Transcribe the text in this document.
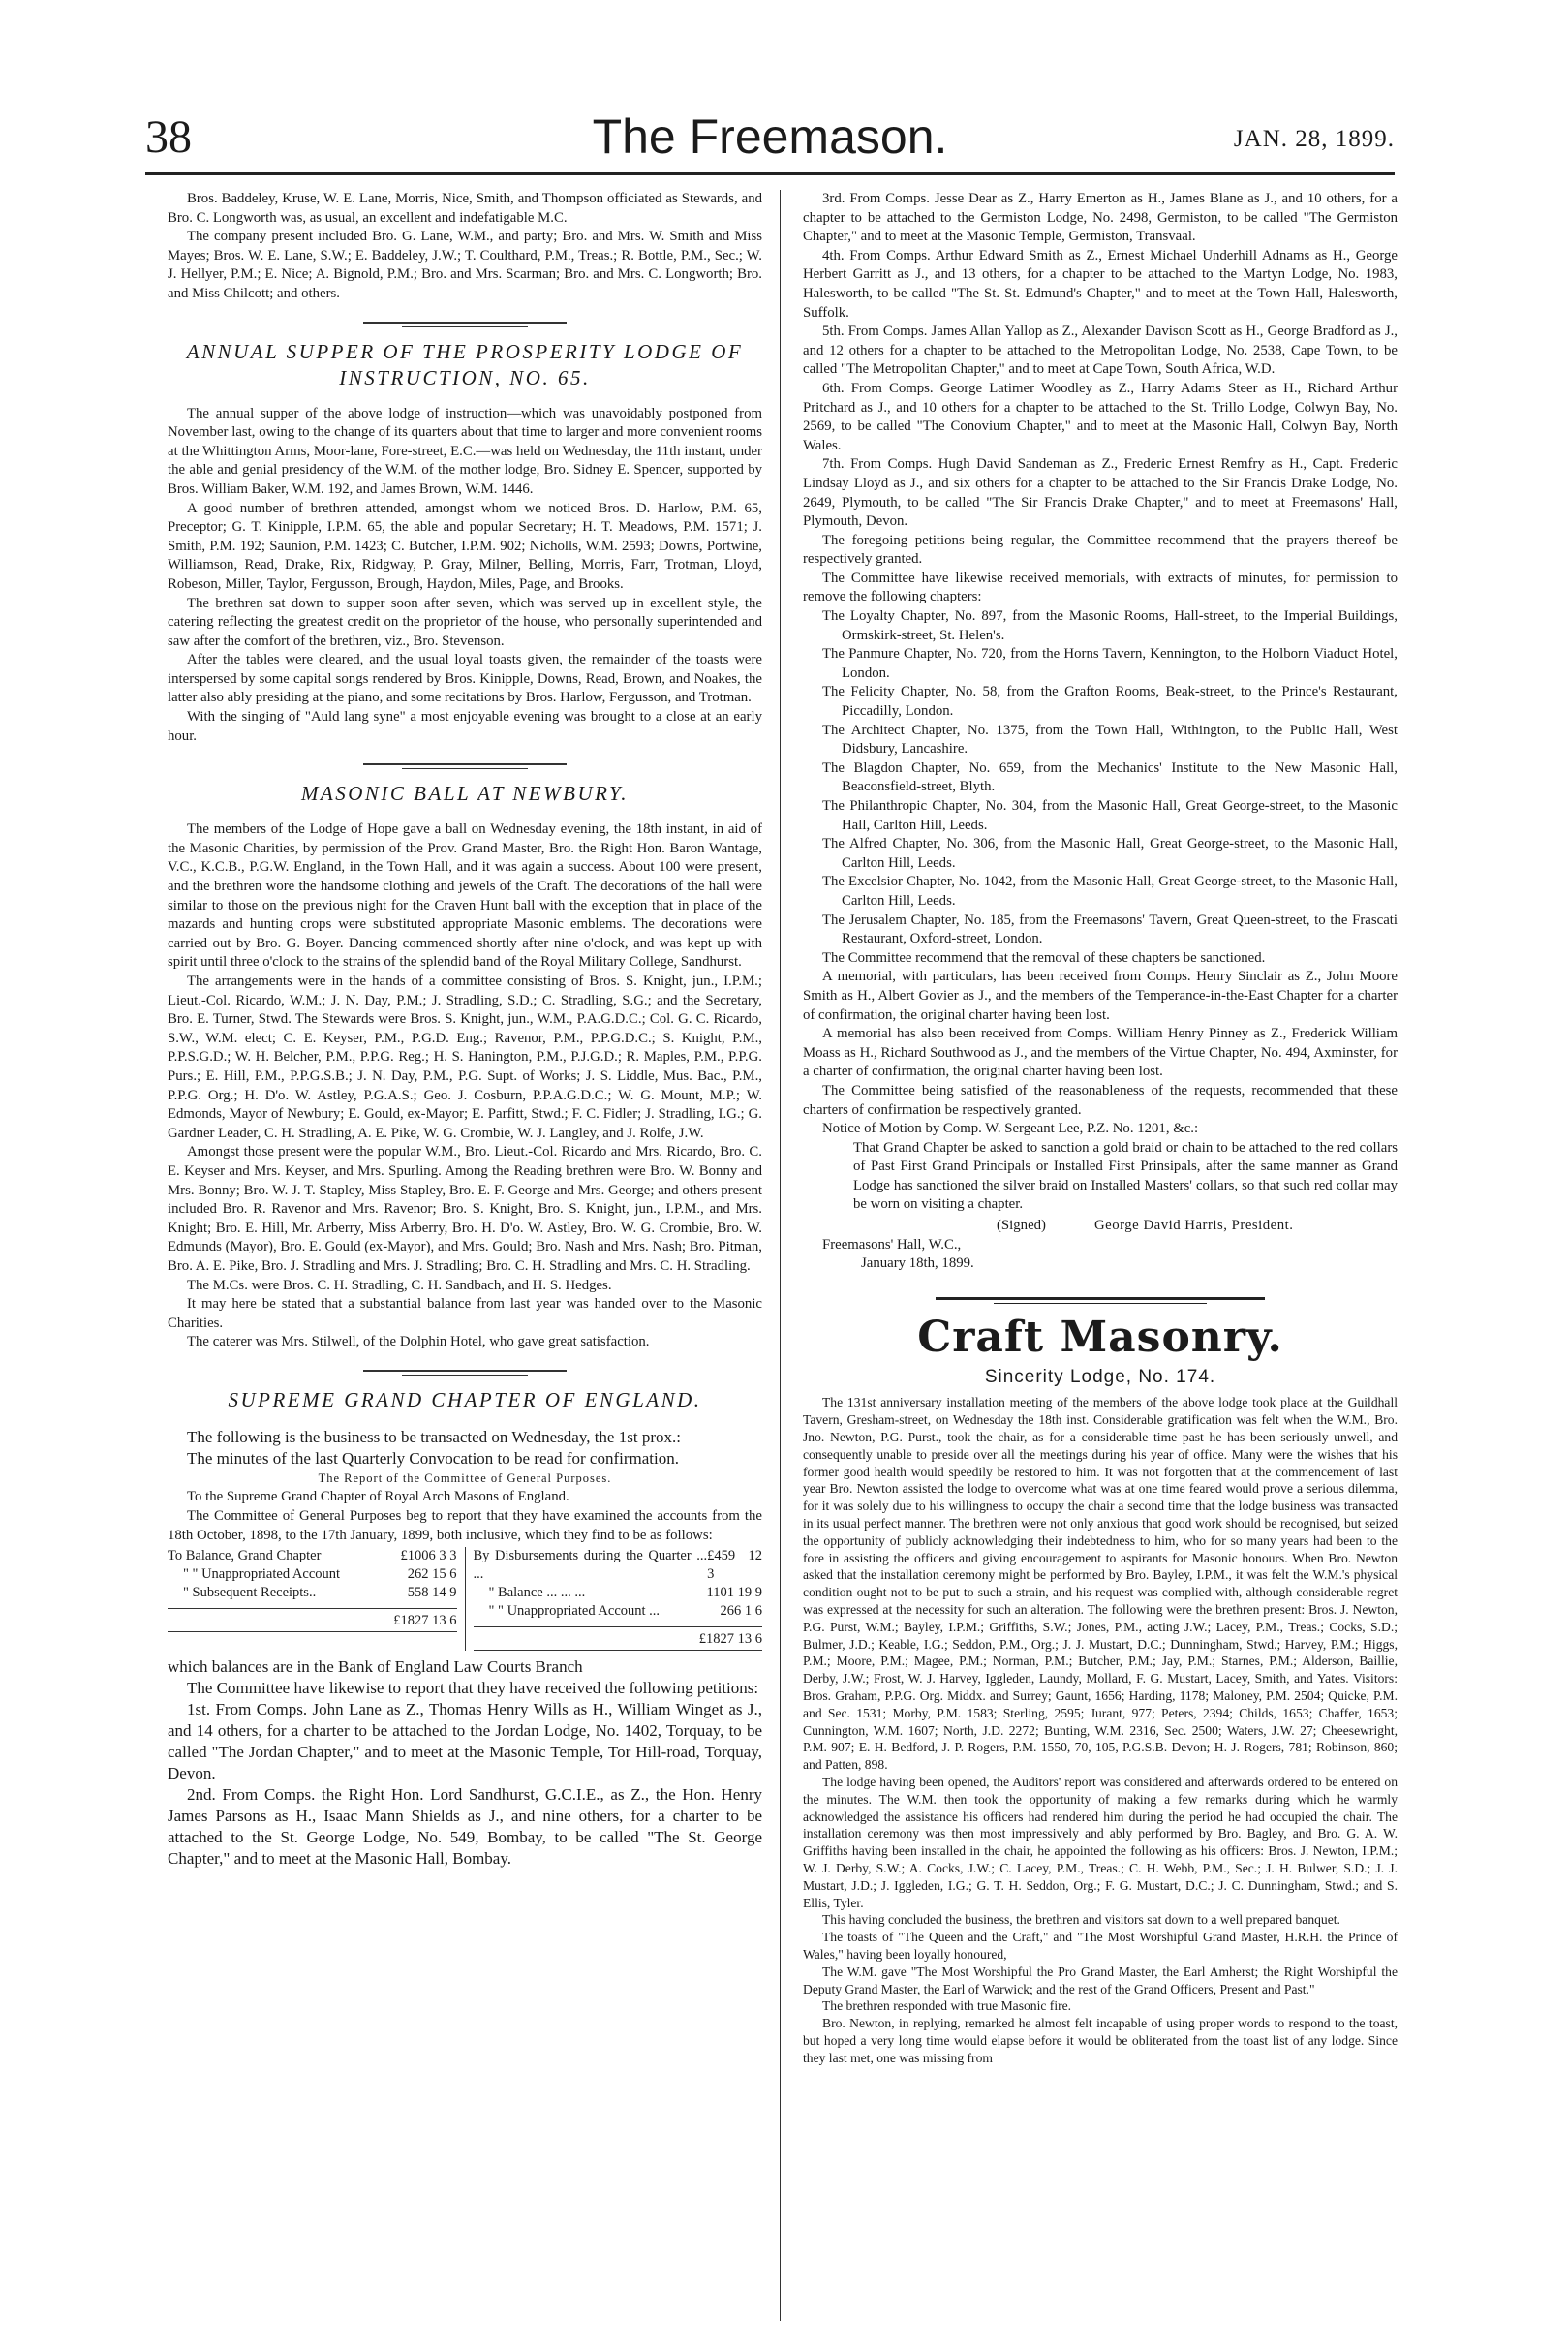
38	The Freemason.	JAN. 28, 1899.

Bros. Baddeley, Kruse, W. E. Lane, Morris, Nice, Smith, and Thompson officiated as Stewards, and Bro. C. Longworth was, as usual, an excellent and indefatigable M.C.

The company present included Bro. G. Lane, W.M., and party; Bro. and Mrs. W. Smith and Miss Mayes; Bros. W. E. Lane, S.W.; E. Baddeley, J.W.; T. Coulthard, P.M., Treas.; R. Bottle, P.M., Sec.; W. J. Hellyer, P.M.; E. Nice; A. Bignold, P.M.; Bro. and Mrs. Scarman; Bro. and Mrs. C. Longworth; Bro. and Miss Chilcott; and others.

ANNUAL SUPPER OF THE PROSPERITY LODGE OF INSTRUCTION, NO. 65.

The annual supper of the above lodge of instruction—which was unavoidably postponed from November last, owing to the change of its quarters about that time to larger and more convenient rooms at the Whittington Arms, Moor-lane, Fore-street, E.C.—was held on Wednesday, the 11th instant, under the able and genial presidency of the W.M. of the mother lodge, Bro. Sidney E. Spencer, supported by Bros. William Baker, W.M. 192, and James Brown, W.M. 1446.

A good number of brethren attended, amongst whom we noticed Bros. D. Harlow, P.M. 65, Preceptor; G. T. Kinipple, I.P.M. 65, the able and popular Secretary; H. T. Meadows, P.M. 1571; J. Smith, P.M. 192; Saunion, P.M. 1423; C. Butcher, I.P.M. 902; Nicholls, W.M. 2593; Downs, Portwine, Williamson, Read, Drake, Rix, Ridgway, P. Gray, Milner, Belling, Morris, Farr, Trotman, Lloyd, Robeson, Miller, Taylor, Fergusson, Brough, Haydon, Miles, Page, and Brooks.

The brethren sat down to supper soon after seven, which was served up in excellent style, the catering reflecting the greatest credit on the proprietor of the house, who personally superintended and saw after the comfort of the brethren, viz., Bro. Stevenson.

After the tables were cleared, and the usual loyal toasts given, the remainder of the toasts were interspersed by some capital songs rendered by Bros. Kinipple, Downs, Read, Brown, and Noakes, the latter also ably presiding at the piano, and some recitations by Bros. Harlow, Fergusson, and Trotman.

With the singing of "Auld lang syne" a most enjoyable evening was brought to a close at an early hour.

MASONIC BALL AT NEWBURY.

The members of the Lodge of Hope gave a ball on Wednesday evening, the 18th instant, in aid of the Masonic Charities, by permission of the Prov. Grand Master, Bro. the Right Hon. Baron Wantage, V.C., K.C.B., P.G.W. England, in the Town Hall, and it was again a success. About 100 were present, and the brethren wore the handsome clothing and jewels of the Craft. The decorations of the hall were similar to those on the previous night for the Craven Hunt ball with the exception that in place of the mazards and hunting crops were substituted appropriate Masonic emblems. The decorations were carried out by Bro. G. Boyer. Dancing commenced shortly after nine o'clock, and was kept up with spirit until three o'clock to the strains of the splendid band of the Royal Military College, Sandhurst.

The arrangements were in the hands of a committee consisting of Bros. S. Knight, jun., I.P.M.; Lieut.-Col. Ricardo, W.M.; J. N. Day, P.M.; J. Stradling, S.D.; C. Stradling, S.G.; and the Secretary, Bro. E. Turner, Stwd. The Stewards were Bros. S. Knight, jun., W.M., P.A.G.D.C.; Col. G. C. Ricardo, S.W., W.M. elect; C. E. Keyser, P.M., P.G.D. Eng.; Ravenor, P.M., P.P.G.D.C.; S. Knight, P.M., P.P.S.G.D.; W. H. Belcher, P.M., P.P.G. Reg.; H. S. Hanington, P.M., P.J.G.D.; R. Maples, P.M., P.P.G. Purs.; E. Hill, P.M., P.P.G.S.B.; J. N. Day, P.M., P.G. Supt. of Works; J. S. Liddle, Mus. Bac., P.M., P.P.G. Org.; H. D'o. W. Astley, P.G.A.S.; Geo. J. Cosburn, P.P.A.G.D.C.; W. G. Mount, M.P.; W. Edmonds, Mayor of Newbury; E. Gould, ex-Mayor; E. Parfitt, Stwd.; F. C. Fidler; J. Stradling, I.G.; G. Gardner Leader, C. H. Stradling, A. E. Pike, W. G. Crombie, W. J. Langley, and J. Rolfe, J.W.

Amongst those present were the popular W.M., Bro. Lieut.-Col. Ricardo and Mrs. Ricardo, Bro. C. E. Keyser and Mrs. Keyser, and Mrs. Spurling. Among the Reading brethren were Bro. W. Bonny and Mrs. Bonny; Bro. W. J. T. Stapley, Miss Stapley, Bro. E. F. George and Mrs. George; and others present included Bro. R. Ravenor and Mrs. Ravenor; Bro. S. Knight, Bro. S. Knight, jun., I.P.M., and Mrs. Knight; Bro. E. Hill, Mr. Arberry, Miss Arberry, Bro. H. D'o. W. Astley, Bro. W. G. Crombie, Bro. W. Edmunds (Mayor), Bro. E. Gould (ex-Mayor), and Mrs. Gould; Bro. Nash and Mrs. Nash; Bro. Pitman, Bro. A. E. Pike, Bro. J. Stradling and Mrs. J. Stradling; Bro. C. H. Stradling and Mrs. C. H. Stradling.

The M.Cs. were Bros. C. H. Stradling, C. H. Sandbach, and H. S. Hedges.

It may here be stated that a substantial balance from last year was handed over to the Masonic Charities.

The caterer was Mrs. Stilwell, of the Dolphin Hotel, who gave great satisfaction.

SUPREME GRAND CHAPTER OF ENGLAND.

The following is the business to be transacted on Wednesday, the 1st prox.:

The minutes of the last Quarterly Convocation to be read for confirmation.

The Report of the Committee of General Purposes.

To the Supreme Grand Chapter of Royal Arch Masons of England.

The Committee of General Purposes beg to report that they have examined the accounts from the 18th October, 1898, to the 17th January, 1899, both inclusive, which they find to be as follows:

To Balance, Grand Chapter	£1006 3 3
" " Unappropriated Account	262 15 6
" Subsequent Receipts..	558 14 9
£1827 13 6
By Disbursements during the Quarter ... ...
£459 12 3
" Balance ... ... ...	1101 19 9
" " Unappropriated Account ...	266 1 6
£1827 13 6

which balances are in the Bank of England Law Courts Branch

The Committee have likewise to report that they have received the following petitions:

1st. From Comps. John Lane as Z., Thomas Henry Wills as H., William Winget as J., and 14 others, for a charter to be attached to the Jordan Lodge, No. 1402, Torquay, to be called "The Jordan Chapter," and to meet at the Masonic Temple, Tor Hill-road, Torquay, Devon.

2nd. From Comps. the Right Hon. Lord Sandhurst, G.C.I.E., as Z., the Hon. Henry James Parsons as H., Isaac Mann Shields as J., and nine others, for a charter to be attached to the St. George Lodge, No. 549, Bombay, to be called "The St. George Chapter," and to meet at the Masonic Hall, Bombay.

3rd. From Comps. Jesse Dear as Z., Harry Emerton as H., James Blane as J., and 10 others, for a chapter to be attached to the Germiston Lodge, No. 2498, Germiston, to be called "The Germiston Chapter," and to meet at the Masonic Temple, Germiston, Transvaal.

4th. From Comps. Arthur Edward Smith as Z., Ernest Michael Underhill Adnams as H., George Herbert Garritt as J., and 13 others, for a chapter to be attached to the Martyn Lodge, No. 1983, Halesworth, to be called "The St. St. Edmund's Chapter," and to meet at the Town Hall, Halesworth, Suffolk.

5th. From Comps. James Allan Yallop as Z., Alexander Davison Scott as H., George Bradford as J., and 12 others for a chapter to be attached to the Metropolitan Lodge, No. 2538, Cape Town, to be called "The Metropolitan Chapter," and to meet at Cape Town, South Africa, W.D.

6th. From Comps. George Latimer Woodley as Z., Harry Adams Steer as H., Richard Arthur Pritchard as J., and 10 others for a chapter to be attached to the St. Trillo Lodge, Colwyn Bay, No. 2569, to be called "The Conovium Chapter," and to meet at the Masonic Hall, Colwyn Bay, North Wales.

7th. From Comps. Hugh David Sandeman as Z., Frederic Ernest Remfry as H., Capt. Frederic Lindsay Lloyd as J., and six others for a chapter to be attached to the Sir Francis Drake Lodge, No. 2649, Plymouth, to be called "The Sir Francis Drake Chapter," and to meet at Freemasons' Hall, Plymouth, Devon.

The foregoing petitions being regular, the Committee recommend that the prayers thereof be respectively granted.

The Committee have likewise received memorials, with extracts of minutes, for permission to remove the following chapters:

The Loyalty Chapter, No. 897, from the Masonic Rooms, Hall-street, to the Imperial Buildings, Ormskirk-street, St. Helen's.

The Panmure Chapter, No. 720, from the Horns Tavern, Kennington, to the Holborn Viaduct Hotel, London.

The Felicity Chapter, No. 58, from the Grafton Rooms, Beak-street, to the Prince's Restaurant, Piccadilly, London.

The Architect Chapter, No. 1375, from the Town Hall, Withington, to the Public Hall, West Didsbury, Lancashire.

The Blagdon Chapter, No. 659, from the Mechanics' Institute to the New Masonic Hall, Beaconsfield-street, Blyth.

The Philanthropic Chapter, No. 304, from the Masonic Hall, Great George-street, to the Masonic Hall, Carlton Hill, Leeds.

The Alfred Chapter, No. 306, from the Masonic Hall, Great George-street, to the Masonic Hall, Carlton Hill, Leeds.

The Excelsior Chapter, No. 1042, from the Masonic Hall, Great George-street, to the Masonic Hall, Carlton Hill, Leeds.

The Jerusalem Chapter, No. 185, from the Freemasons' Tavern, Great Queen-street, to the Frascati Restaurant, Oxford-street, London.

The Committee recommend that the removal of these chapters be sanctioned.

A memorial, with particulars, has been received from Comps. Henry Sinclair as Z., John Moore Smith as H., Albert Govier as J., and the members of the Temperance-in-the-East Chapter for a charter of confirmation, the original charter having been lost.

A memorial has also been received from Comps. William Henry Pinney as Z., Frederick William Moass as H., Richard Southwood as J., and the members of the Virtue Chapter, No. 494, Axminster, for a charter of confirmation, the original charter having been lost.

The Committee being satisfied of the reasonableness of the requests, recommended that these charters of confirmation be respectively granted.

Notice of Motion by Comp. W. Sergeant Lee, P.Z. No. 1201, &c.:

That Grand Chapter be asked to sanction a gold braid or chain to be attached to the red collars of Past First Grand Principals or Installed First Prinsipals, after the same manner as Grand Lodge has sanctioned the silver braid on Installed Masters' collars, so that such red collar may be worn on visiting a chapter.

(Signed)	George David Harris, President.

Freemasons' Hall, W.C.,

January 18th, 1899.

Craft Masonry.
Sincerity Lodge, No. 174.

The 131st anniversary installation meeting of the members of the above lodge took place at the Guildhall Tavern, Gresham-street, on Wednesday the 18th inst. Considerable gratification was felt when the W.M., Bro. Jno. Newton, P.G. Purst., took the chair, as for a considerable time past he has been seriously unwell, and consequently unable to preside over all the meetings during his year of office. Many were the wishes that his former good health would speedily be restored to him. It was not forgotten that at the commencement of last year Bro. Newton assisted the lodge to overcome what was at one time feared would prove a serious dilemma, for it was solely due to his willingness to occupy the chair a second time that the lodge business was transacted in its usual perfect manner. The brethren were not only anxious that good work should be recognised, but seized the opportunity of publicly acknowledging their indebtedness to him, who for so many years had been to the fore in assisting the officers and giving encouragement to aspirants for Masonic honours. When Bro. Newton asked that the installation ceremony might be performed by Bro. Bayley, I.P.M., it was felt the W.M.'s physical condition ought not to be put to such a strain, and his request was complied with, although considerable regret was expressed at the necessity for such an alteration. The following were the brethren present: Bros. J. Newton, P.G. Purst, W.M.; Bayley, I.P.M.; Griffiths, S.W.; Jones, P.M., acting J.W.; Lacey, P.M., Treas.; Cocks, S.D.; Bulmer, J.D.; Keable, I.G.; Seddon, P.M., Org.; J. J. Mustart, D.C.; Dunningham, Stwd.; Harvey, P.M.; Higgs, P.M.; Moore, P.M.; Magee, P.M.; Norman, P.M.; Butcher, P.M.; Jay, P.M.; Starnes, P.M.; Alderson, Baillie, Derby, J.W.; Frost, W. J. Harvey, Iggleden, Laundy, Mollard, F. G. Mustart, Lacey, Smith, and Yates. Visitors: Bros. Graham, P.P.G. Org. Middx. and Surrey; Gaunt, 1656; Harding, 1178; Maloney, P.M. 2504; Quicke, P.M. and Sec. 1531; Morby, P.M. 1583; Sterling, 2595; Jurant, 977; Peters, 2394; Childs, 1653; Chaffer, 1653; Cunnington, W.M. 1607; North, J.D. 2272; Bunting, W.M. 2316, Sec. 2500; Waters, J.W. 27; Cheesewright, P.M. 907; E. H. Bedford, J. P. Rogers, P.M. 1550, 70, 105, P.G.S.B. Devon; H. J. Rogers, 781; Robinson, 860; and Patten, 898.

The lodge having been opened, the Auditors' report was considered and afterwards ordered to be entered on the minutes. The W.M. then took the opportunity of making a few remarks during which he warmly acknowledged the assistance his officers had rendered him during the period he had occupied the chair. The installation ceremony was then most impressively and ably performed by Bro. Bagley, and Bro. G. A. W. Griffiths having been installed in the chair, he appointed the following as his officers: Bros. J. Newton, I.P.M.; W. J. Derby, S.W.; A. Cocks, J.W.; C. Lacey, P.M., Treas.; C. H. Webb, P.M., Sec.; J. H. Bulwer, S.D.; J. J. Mustart, J.D.; J. Iggleden, I.G.; G. T. H. Seddon, Org.; F. G. Mustart, D.C.; J. C. Dunningham, Stwd.; and S. Ellis, Tyler.

This having concluded the business, the brethren and visitors sat down to a well prepared banquet.

The toasts of "The Queen and the Craft," and "The Most Worshipful Grand Master, H.R.H. the Prince of Wales," having been loyally honoured,

The W.M. gave "The Most Worshipful the Pro Grand Master, the Earl Amherst; the Right Worshipful the Deputy Grand Master, the Earl of Warwick; and the rest of the Grand Officers, Present and Past."

The brethren responded with true Masonic fire.

Bro. Newton, in replying, remarked he almost felt incapable of using proper words to respond to the toast, but hoped a very long time would elapse before it would be obliterated from the toast list of any lodge. Since they last met, one was missing from
